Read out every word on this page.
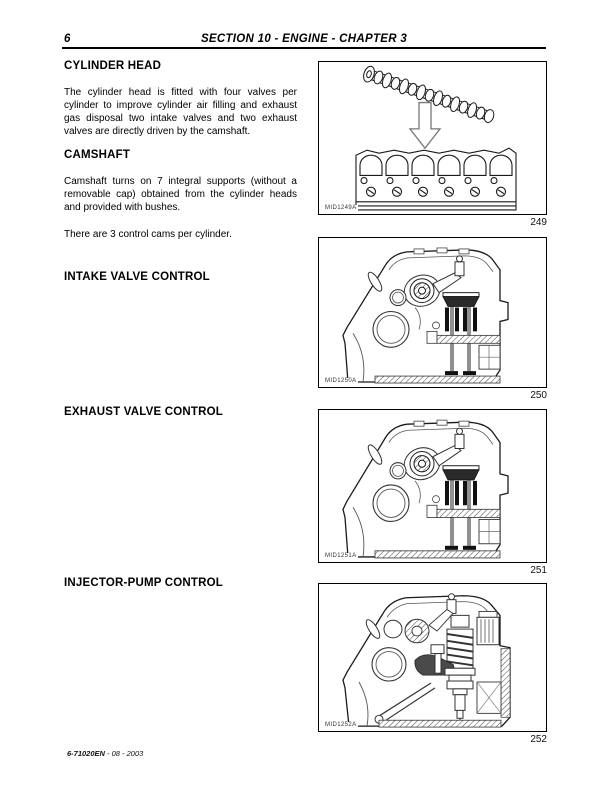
6	SECTION 10 - ENGINE - CHAPTER 3
CYLINDER HEAD

The cylinder head is fitted with four valves per cylinder to improve cylinder air filling and exhaust gas disposal two intake valves and two exhaust valves are directly driven by the camshaft.

CAMSHAFT

Camshaft turns on 7 integral supports (without a removable cap) obtained from the cylinder heads and provided with bushes.

There are 3 control cams per cylinder.

INTAKE VALVE CONTROL
EXHAUST VALVE CONTROL
INJECTOR-PUMP CONTROL
MID1249A
249
MID1250A
250
MID1251A
251
MID1252A
252
6-71020EN - 08 - 2003
